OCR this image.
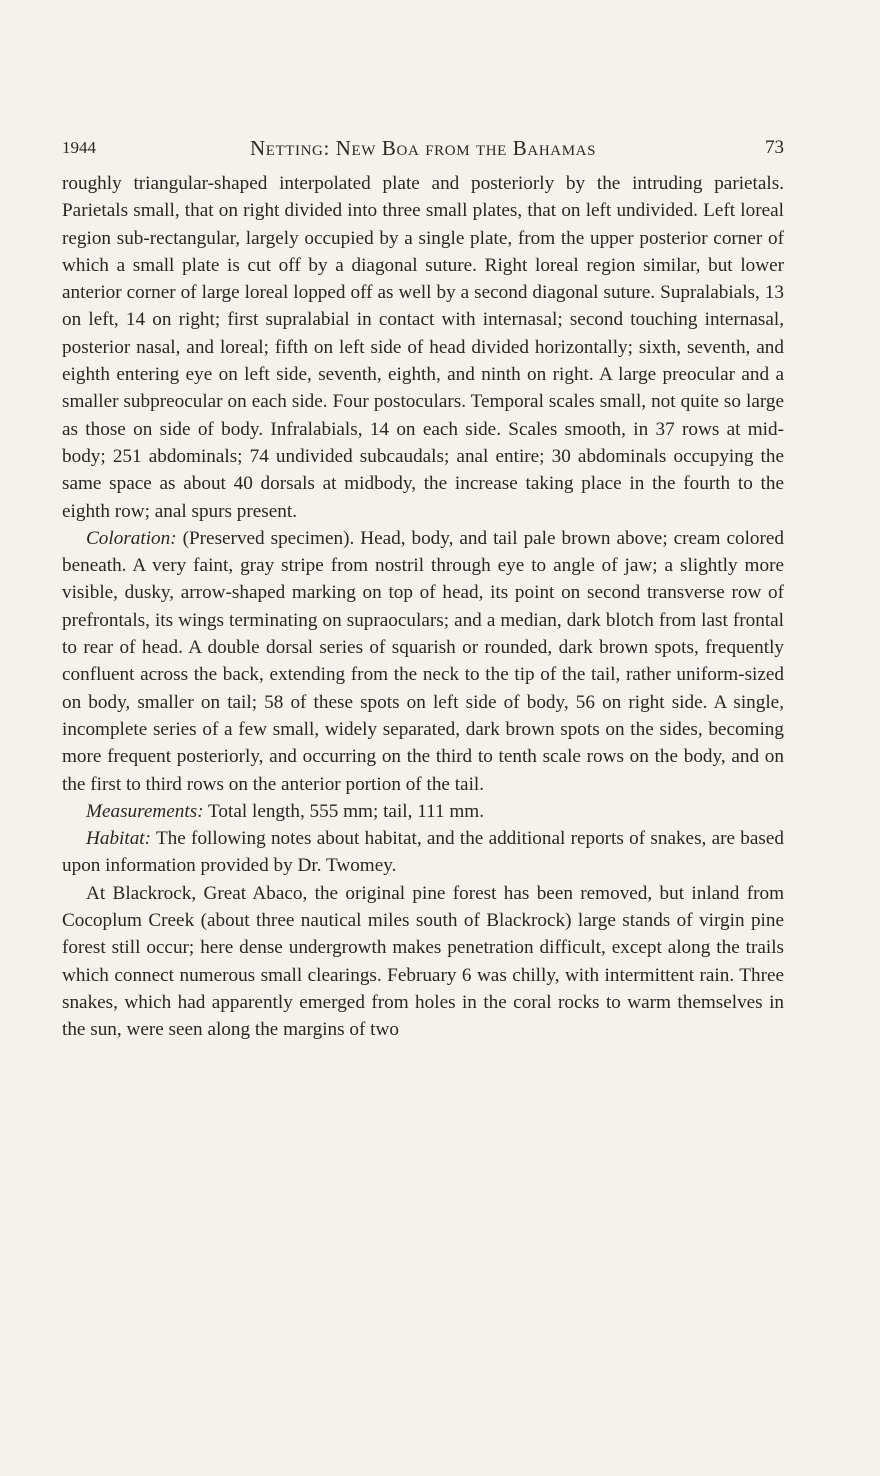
1944	Netting: New Boa from the Bahamas	73

roughly triangular-shaped interpolated plate and posteriorly by the intruding parietals. Parietals small, that on right divided into three small plates, that on left undivided. Left loreal region sub-rectangular, largely occupied by a single plate, from the upper posterior corner of which a small plate is cut off by a diagonal suture. Right loreal region similar, but lower anterior corner of large loreal lopped off as well by a second diagonal suture. Supralabials, 13 on left, 14 on right; first supralabial in contact with internasal; second touching internasal, posterior nasal, and loreal; fifth on left side of head divided horizontally; sixth, seventh, and eighth entering eye on left side, seventh, eighth, and ninth on right. A large preocular and a smaller subpreocular on each side. Four postoculars. Temporal scales small, not quite so large as those on side of body. Infralabials, 14 on each side. Scales smooth, in 37 rows at mid-body; 251 abdominals; 74 undivided subcaudals; anal entire; 30 abdominals occupying the same space as about 40 dorsals at midbody, the increase taking place in the fourth to the eighth row; anal spurs present.

Coloration: (Preserved specimen). Head, body, and tail pale brown above; cream colored beneath. A very faint, gray stripe from nostril through eye to angle of jaw; a slightly more visible, dusky, arrow-shaped marking on top of head, its point on second transverse row of prefrontals, its wings terminating on supraoculars; and a median, dark blotch from last frontal to rear of head. A double dorsal series of squarish or rounded, dark brown spots, frequently confluent across the back, extending from the neck to the tip of the tail, rather uniform-sized on body, smaller on tail; 58 of these spots on left side of body, 56 on right side. A single, incomplete series of a few small, widely separated, dark brown spots on the sides, becoming more frequent posteriorly, and occurring on the third to tenth scale rows on the body, and on the first to third rows on the anterior portion of the tail.

Measurements: Total length, 555 mm; tail, 111 mm.

Habitat: The following notes about habitat, and the additional reports of snakes, are based upon information provided by Dr. Twomey.

At Blackrock, Great Abaco, the original pine forest has been removed, but inland from Cocoplum Creek (about three nautical miles south of Blackrock) large stands of virgin pine forest still occur; here dense undergrowth makes penetration difficult, except along the trails which connect numerous small clearings. February 6 was chilly, with intermittent rain. Three snakes, which had apparently emerged from holes in the coral rocks to warm themselves in the sun, were seen along the margins of two
